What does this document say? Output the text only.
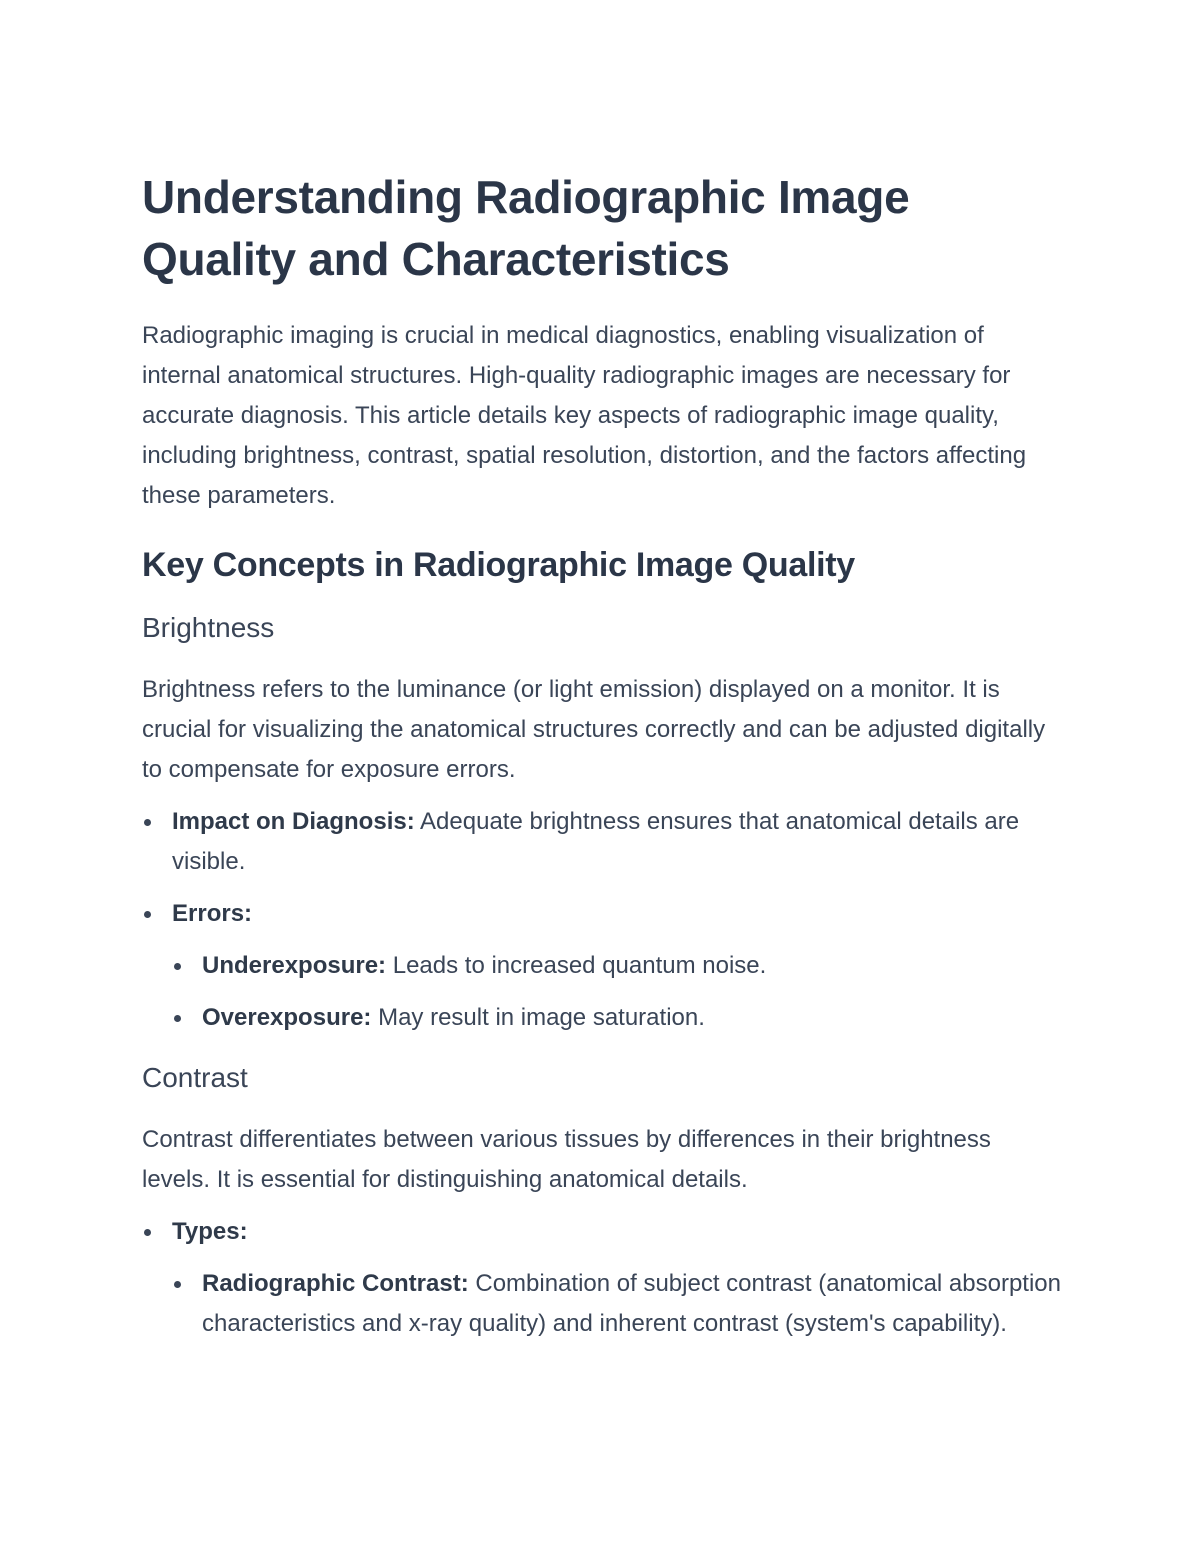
Understanding Radiographic Image Quality and Characteristics

Radiographic imaging is crucial in medical diagnostics, enabling visualization of internal anatomical structures. High-quality radiographic images are necessary for accurate diagnosis. This article details key aspects of radiographic image quality, including brightness, contrast, spatial resolution, distortion, and the factors affecting these parameters.

Key Concepts in Radiographic Image Quality
Brightness

Brightness refers to the luminance (or light emission) displayed on a monitor. It is crucial for visualizing the anatomical structures correctly and can be adjusted digitally to compensate for exposure errors.

Impact on Diagnosis: Adequate brightness ensures that anatomical details are visible.
Errors:
Underexposure: Leads to increased quantum noise.
Overexposure: May result in image saturation.
Contrast

Contrast differentiates between various tissues by differences in their brightness levels. It is essential for distinguishing anatomical details.

Types:
Radiographic Contrast: Combination of subject contrast (anatomical absorption characteristics and x-ray quality) and inherent contrast (system's capability).
